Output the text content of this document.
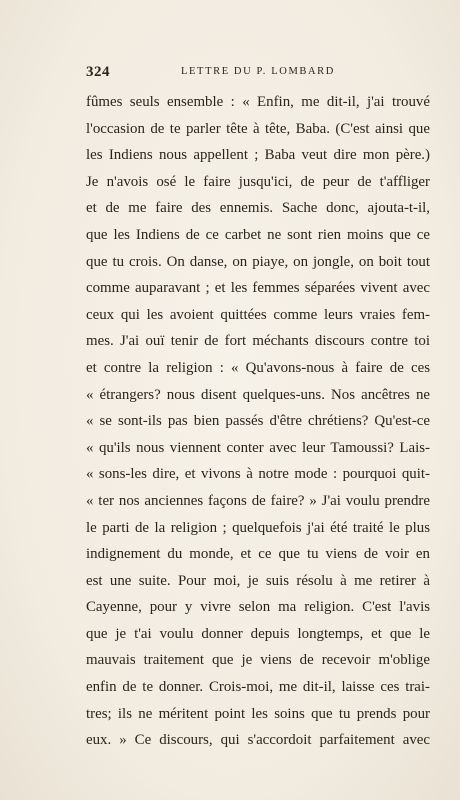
324	LETTRE DU P. LOMBARD
fûmes seuls ensemble : « Enfin, me dit-il, j'ai trouvé
l'occasion de te parler tête à tête, Baba. (C'est ainsi que
les Indiens nous appellent ; Baba veut dire mon père.)
Je n'avois osé le faire jusqu'ici, de peur de t'affliger
et de me faire des ennemis. Sache donc, ajouta-t-il,
que les Indiens de ce carbet ne sont rien moins que ce
que tu crois. On danse, on piaye, on jongle, on boit tout
comme auparavant ; et les femmes séparées vivent avec
ceux qui les avoient quittées comme leurs vraies fem-
mes. J'ai ouï tenir de fort méchants discours contre toi
et contre la religion : « Qu'avons-nous à faire de ces
« étrangers? nous disent quelques-uns. Nos ancêtres ne
« se sont-ils pas bien passés d'être chrétiens? Qu'est-ce
« qu'ils nous viennent conter avec leur Tamoussi? Lais-
« sons-les dire, et vivons à notre mode : pourquoi quit-
« ter nos anciennes façons de faire? » J'ai voulu prendre
le parti de la religion ; quelquefois j'ai été traité le plus
indignement du monde, et ce que tu viens de voir en
est une suite. Pour moi, je suis résolu à me retirer à
Cayenne, pour y vivre selon ma religion. C'est l'avis
que je t'ai voulu donner depuis longtemps, et que le
mauvais traitement que je viens de recevoir m'oblige
enfin de te donner. Crois-moi, me dit-il, laisse ces trai-
tres; ils ne méritent point les soins que tu prends pour
eux. » Ce discours, qui s'accordoit parfaitement avec
